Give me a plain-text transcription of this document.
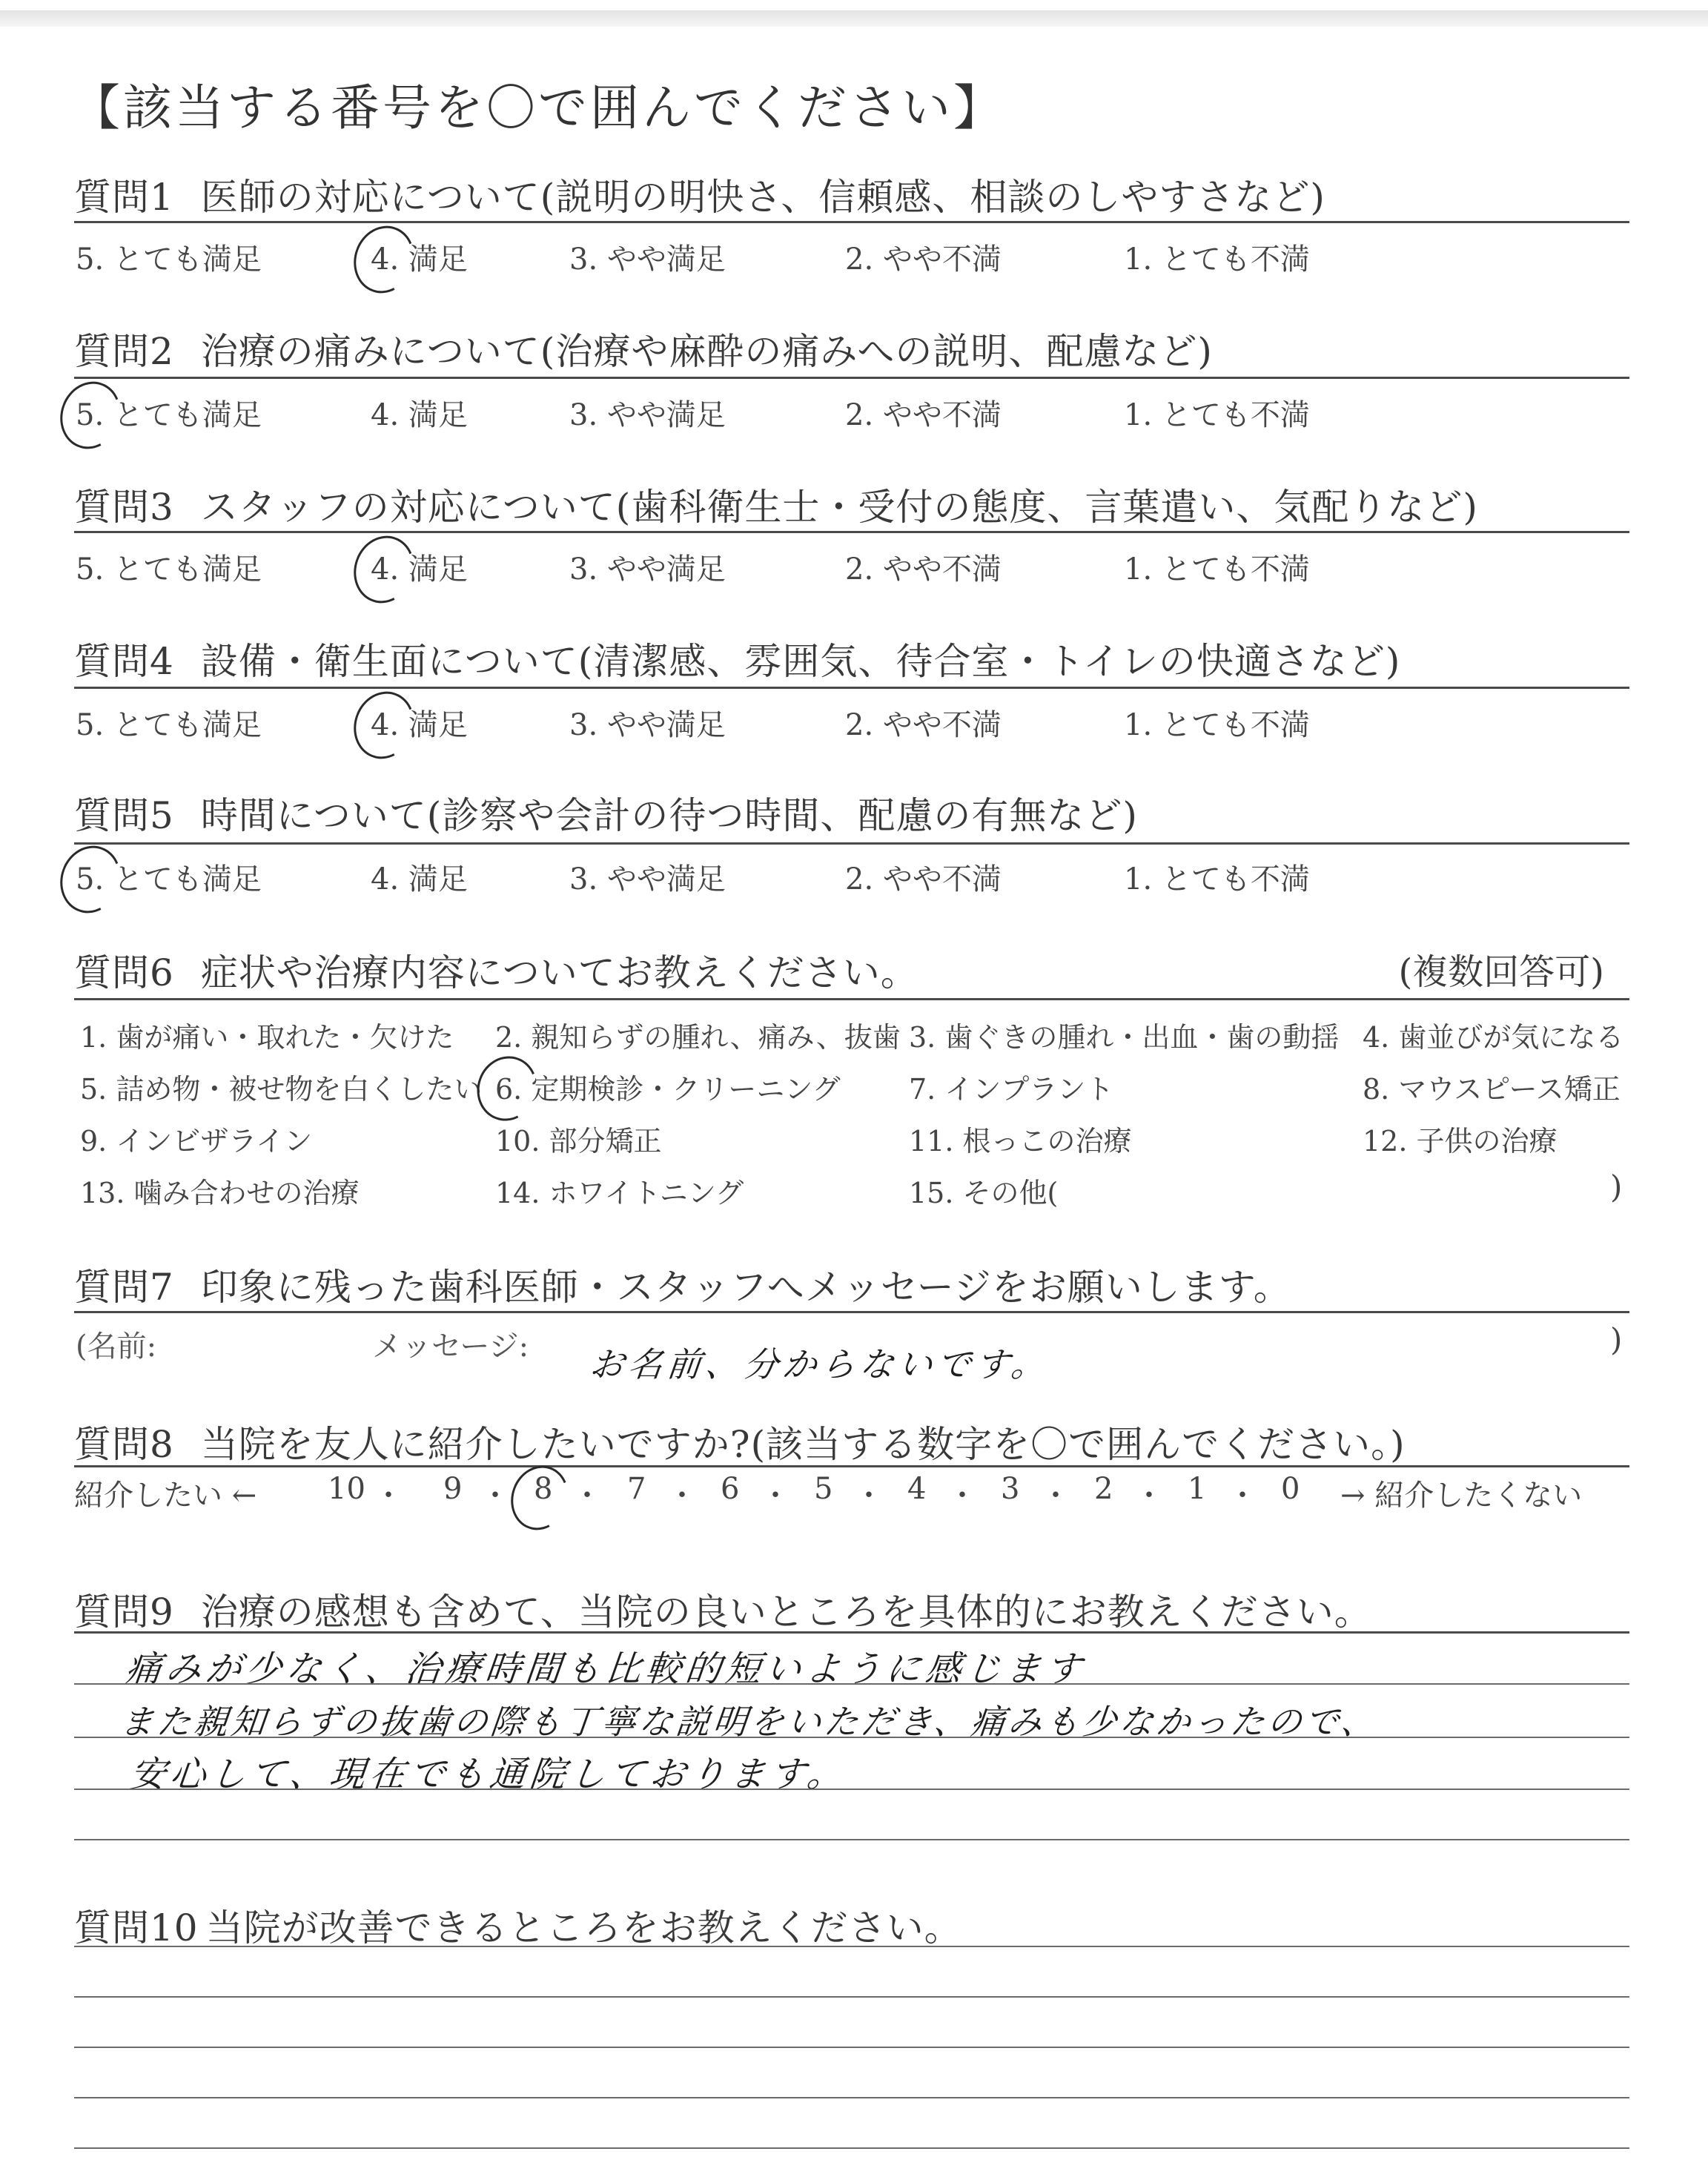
【該当する番号を〇で囲んでください】
質問1 医師の対応について(説明の明快さ、信頼感、相談のしやすさなど)
5. とても満足	4. 満足	3. やや満足	2. やや不満	1. とても不満
質問2 治療の痛みについて(治療や麻酔の痛みへの説明、配慮など)
5. とても満足	4. 満足	3. やや満足	2. やや不満	1. とても不満
質問3 スタッフの対応について(歯科衛生士・受付の態度、言葉遣い、気配りなど)
5. とても満足	4. 満足	3. やや満足	2. やや不満	1. とても不満
質問4 設備・衛生面について(清潔感、雰囲気、待合室・トイレの快適さなど)
5. とても満足	4. 満足	3. やや満足	2. やや不満	1. とても不満
質問5 時間について(診察や会計の待つ時間、配慮の有無など)
5. とても満足	4. 満足	3. やや満足	2. やや不満	1. とても不満
質問6 症状や治療内容についてお教えください。	(複数回答可)
1. 歯が痛い・取れた・欠けた 2. 親知らずの腫れ、痛み、抜歯 3. 歯ぐきの腫れ・出血・歯の動揺 4. 歯並びが気になる
5. 詰め物・被せ物を白くしたい 6. 定期検診・クリーニング 7. インプラント	8. マウスピース矯正
9. インビザライン	10. 部分矯正	11. 根っこの治療	12. 子供の治療
13. 噛み合わせの治療	14. ホワイトニング	15. その他(	)
質問7 印象に残った歯科医師・スタッフへメッセージをお願いします。
(名前:	メッセージ:	)
お名前、分からないです。
質問8 当院を友人に紹介したいですか?(該当する数字を〇で囲んでください。)
紹介したい ← 10 ・ 9 ・ 8 ・ 7 ・ 6 ・ 5 ・ 4 ・ 3 ・ 2 ・ 1 ・ 0 → 紹介したくない
質問9 治療の感想も含めて、当院の良いところを具体的にお教えください。
痛みが少なく、治療時間も比較的短いように感じます
また親知らずの抜歯の際も丁寧な説明をいただき、痛みも少なかったので、
安心して、現在でも通院しております。
質問10 当院が改善できるところをお教えください。
